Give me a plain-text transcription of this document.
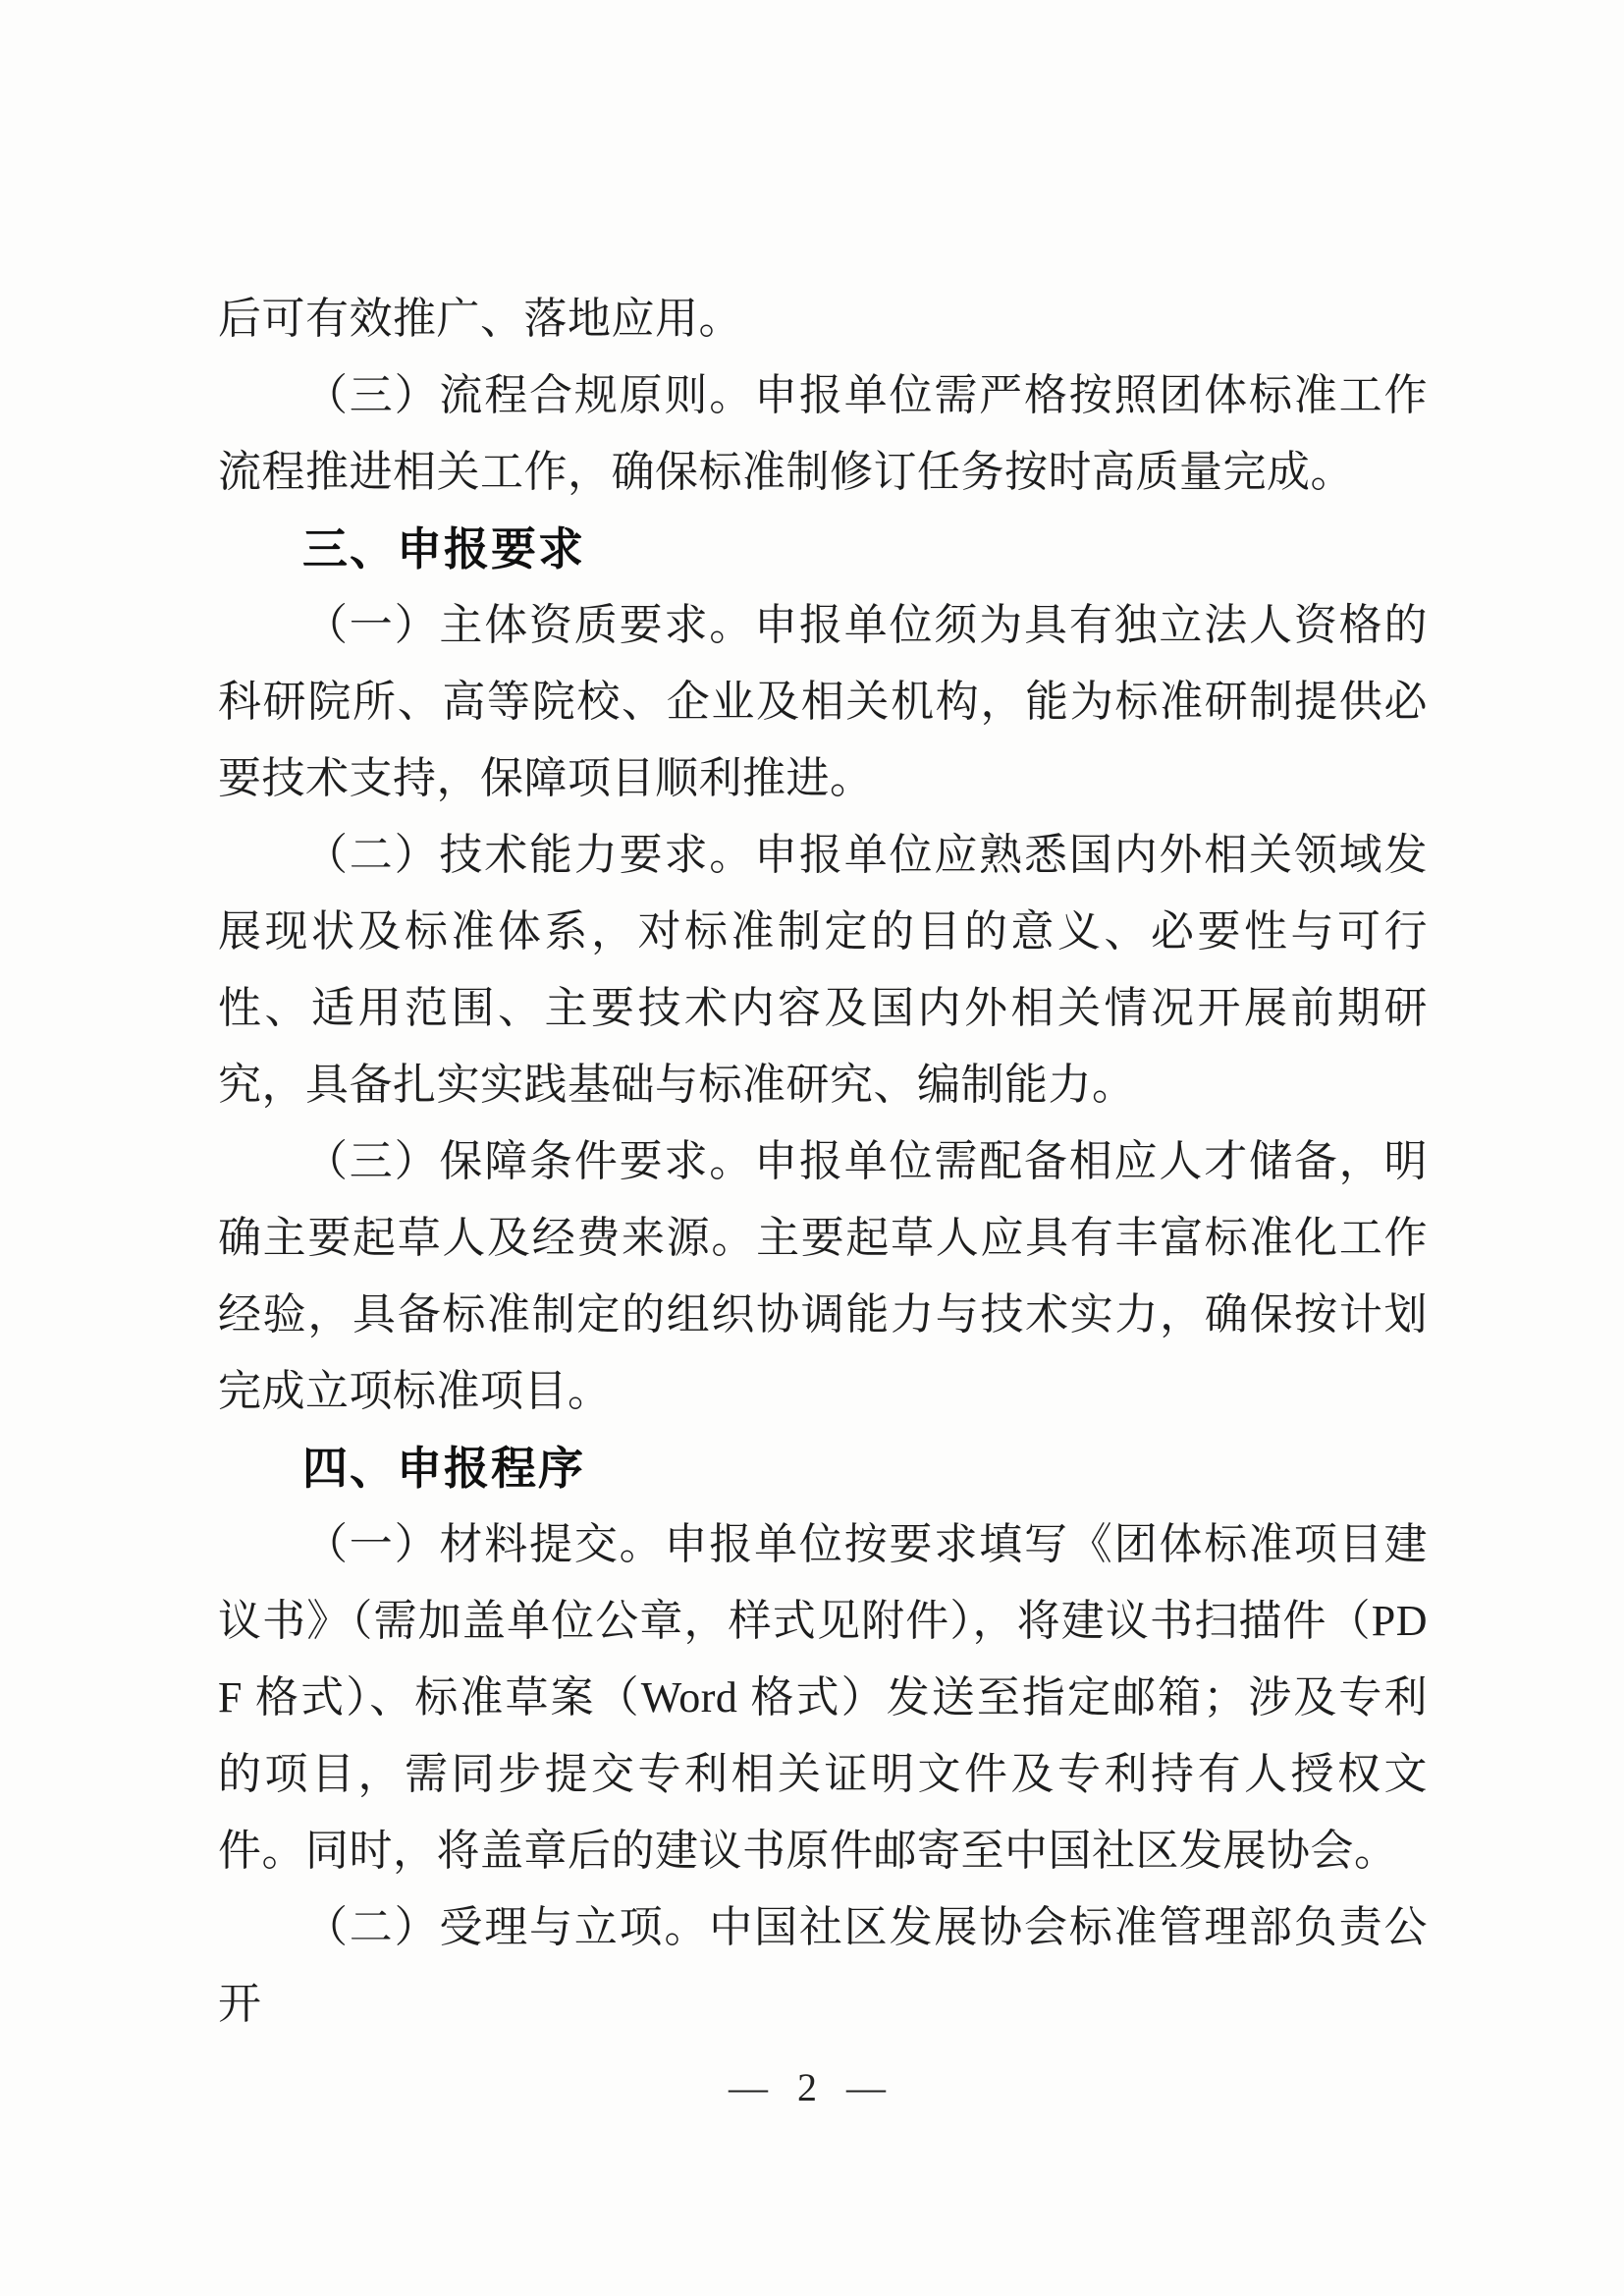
后可有效推广、落地应用。

（三）流程合规原则。申报单位需严格按照团体标准工作流程推进相关工作，确保标准制修订任务按时高质量完成。

三、申报要求

（一）主体资质要求。申报单位须为具有独立法人资格的科研院所、高等院校、企业及相关机构，能为标准研制提供必要技术支持，保障项目顺利推进。

（二）技术能力要求。申报单位应熟悉国内外相关领域发展现状及标准体系，对标准制定的目的意义、必要性与可行性、适用范围、主要技术内容及国内外相关情况开展前期研究，具备扎实实践基础与标准研究、编制能力。

（三）保障条件要求。申报单位需配备相应人才储备，明确主要起草人及经费来源。主要起草人应具有丰富标准化工作经验，具备标准制定的组织协调能力与技术实力，确保按计划完成立项标准项目。

四、申报程序

（一）材料提交。申报单位按要求填写《团体标准项目建议书》（需加盖单位公章，样式见附件），将建议书扫描件（PDF 格式）、标准草案（Word 格式）发送至指定邮箱；涉及专利的项目，需同步提交专利相关证明文件及专利持有人授权文件。同时，将盖章后的建议书原件邮寄至中国社区发展协会。

（二）受理与立项。中国社区发展协会标准管理部负责公开

— 2 —
